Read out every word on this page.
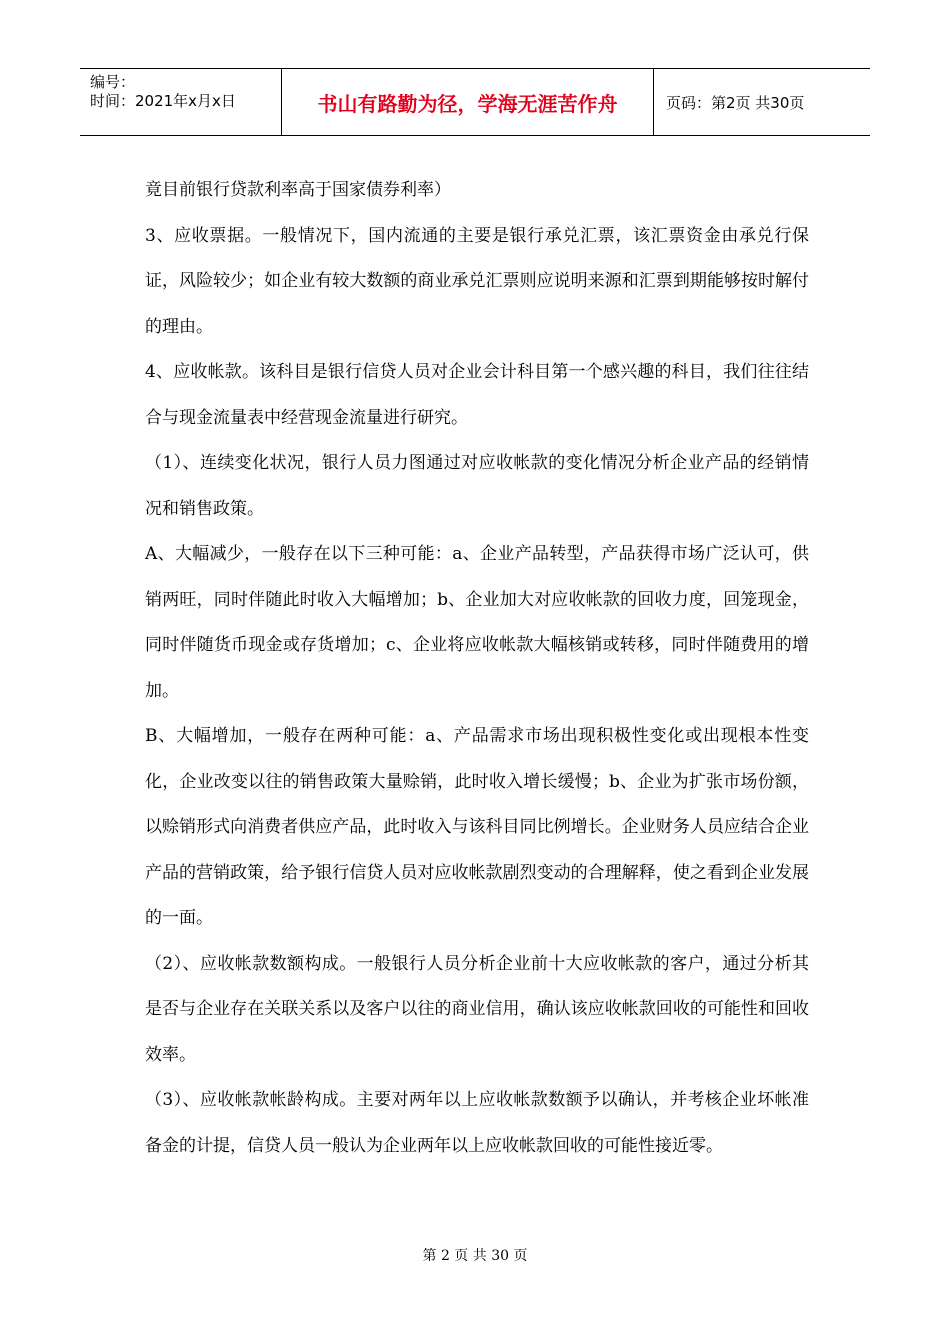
编号：
时间：2021年x月x日	书山有路勤为径，学海无涯苦作舟	页码：第2页 共30页

竟目前银行贷款利率高于国家债券利率）

3、应收票据。一般情况下，国内流通的主要是银行承兑汇票，该汇票资金由承兑行保证，风险较少；如企业有较大数额的商业承兑汇票则应说明来源和汇票到期能够按时解付的理由。

4、应收帐款。该科目是银行信贷人员对企业会计科目第一个感兴趣的科目，我们往往结合与现金流量表中经营现金流量进行研究。

（1）、连续变化状况，银行人员力图通过对应收帐款的变化情况分析企业产品的经销情况和销售政策。

A、大幅减少，一般存在以下三种可能：a、企业产品转型，产品获得市场广泛认可，供销两旺，同时伴随此时收入大幅增加；b、企业加大对应收帐款的回收力度，回笼现金，同时伴随货币现金或存货增加；c、企业将应收帐款大幅核销或转移，同时伴随费用的增加。

B、大幅增加，一般存在两种可能：a、产品需求市场出现积极性变化或出现根本性变化，企业改变以往的销售政策大量赊销，此时收入增长缓慢；b、企业为扩张市场份额，以赊销形式向消费者供应产品，此时收入与该科目同比例增长。企业财务人员应结合企业产品的营销政策，给予银行信贷人员对应收帐款剧烈变动的合理解释，使之看到企业发展的一面。

（2）、应收帐款数额构成。一般银行人员分析企业前十大应收帐款的客户，通过分析其是否与企业存在关联关系以及客户以往的商业信用，确认该应收帐款回收的可能性和回收效率。

（3）、应收帐款帐龄构成。主要对两年以上应收帐款数额予以确认，并考核企业坏帐准备金的计提，信贷人员一般认为企业两年以上应收帐款回收的可能性接近零。

第 2 页 共 30 页
